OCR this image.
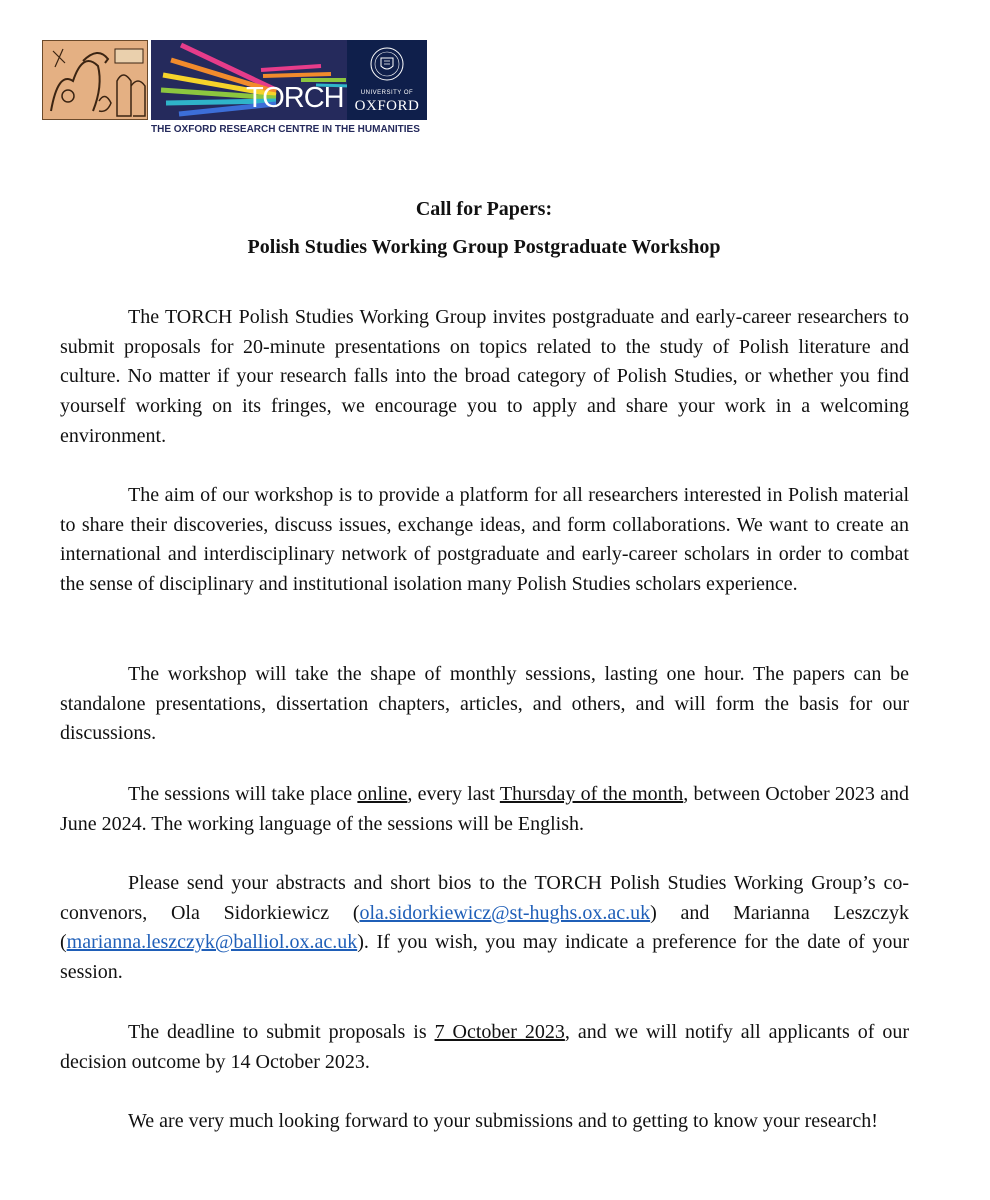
TORCH	UNIVERSITY OF
OXFORD
THE OXFORD RESEARCH CENTRE IN THE HUMANITIES
Call for Papers:
Polish Studies Working Group Postgraduate Workshop

The TORCH Polish Studies Working Group invites postgraduate and early-career researchers to submit proposals for 20-minute presentations on topics related to the study of Polish literature and culture. No matter if your research falls into the broad category of Polish Studies, or whether you find yourself working on its fringes, we encourage you to apply and share your work in a welcoming environment.

The aim of our workshop is to provide a platform for all researchers interested in Polish material to share their discoveries, discuss issues, exchange ideas, and form collaborations. We want to create an international and interdisciplinary network of postgraduate and early-career scholars in order to combat the sense of disciplinary and institutional isolation many Polish Studies scholars experience.

The workshop will take the shape of monthly sessions, lasting one hour. The papers can be standalone presentations, dissertation chapters, articles, and others, and will form the basis for our discussions.

The sessions will take place online, every last Thursday of the month, between October 2023 and June 2024. The working language of the sessions will be English.

Please send your abstracts and short bios to the TORCH Polish Studies Working Group’s co-convenors, Ola Sidorkiewicz (ola.sidorkiewicz@st-hughs.ox.ac.uk) and Marianna Leszczyk (marianna.leszczyk@balliol.ox.ac.uk). If you wish, you may indicate a preference for the date of your session.

The deadline to submit proposals is 7 October 2023, and we will notify all applicants of our decision outcome by 14 October 2023.

We are very much looking forward to your submissions and to getting to know your research!
